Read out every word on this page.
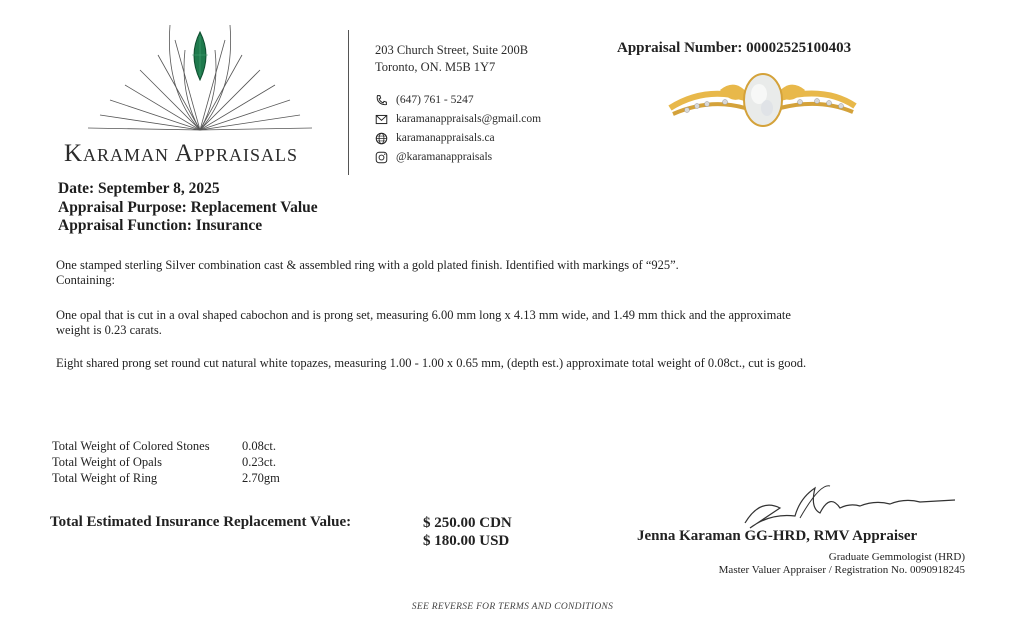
Karaman Appraisals
203 Church Street, Suite 200B
Toronto, ON. M5B 1Y7
(647) 761 - 5247
karamanappraisals@gmail.com
karamanappraisals.ca
@karamanappraisals
Appraisal Number: 00002525100403
Date: September 8, 2025
Appraisal Purpose: Replacement Value
Appraisal Function: Insurance
One stamped sterling Silver combination cast & assembled ring with a gold plated finish. Identified with markings of “925”.
Containing:
One opal that is cut in a oval shaped cabochon and is prong set, measuring 6.00 mm long x 4.13 mm wide, and 1.49 mm thick and the approximate
weight is 0.23 carats.
Eight shared prong set round cut natural white topazes, measuring 1.00 - 1.00 x 0.65 mm, (depth est.) approximate total weight of 0.08ct., cut is good.
Total Weight of Colored Stones	0.08ct.
Total Weight of Opals	0.23ct.
Total Weight of Ring	2.70gm
Total Estimated Insurance Replacement Value:	$ 250.00 CDN
$ 180.00 USD	Jenna Karaman GG-HRD, RMV Appraiser
Graduate Gemmologist (HRD)
Master Valuer Appraiser / Registration No. 0090918245
SEE REVERSE FOR TERMS AND CONDITIONS
